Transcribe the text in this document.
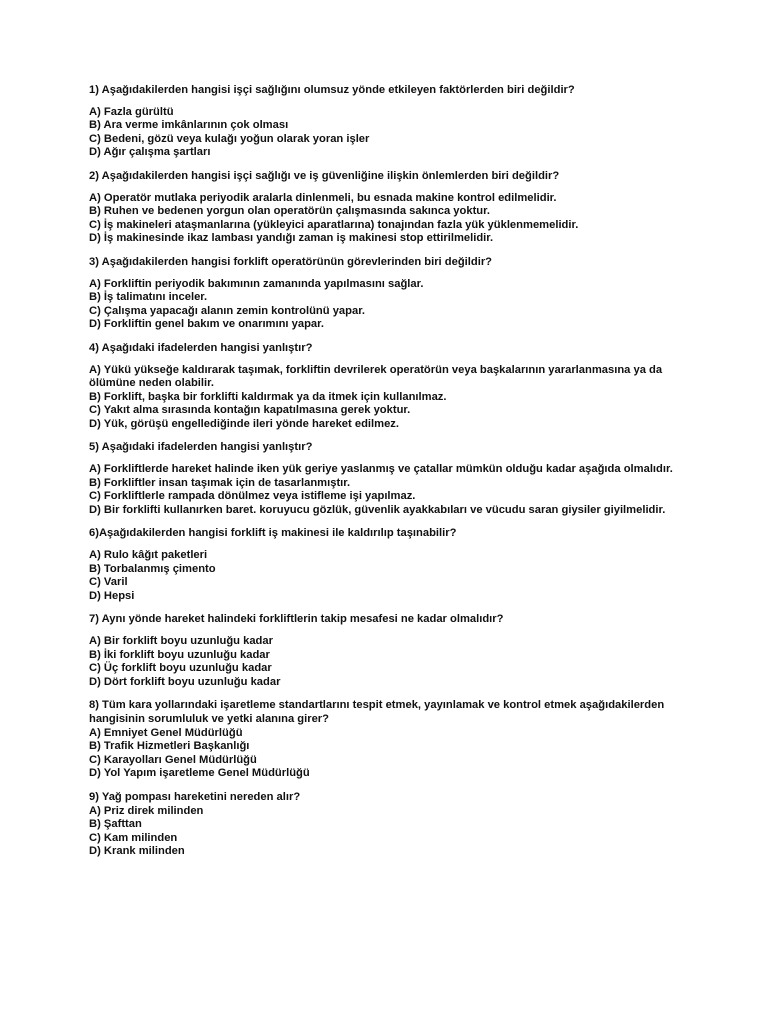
1) Aşağıdakilerden hangisi işçi sağlığını olumsuz yönde etkileyen faktörlerden biri değildir?

A) Fazla gürültü
B) Ara verme imkânlarının çok olması
C) Bedeni, gözü veya kulağı yoğun olarak yoran işler
D) Ağır çalışma şartları

2) Aşağıdakilerden hangisi işçi sağlığı ve iş güvenliğine ilişkin önlemlerden biri değildir?

A) Operatör mutlaka periyodik aralarla dinlenmeli, bu esnada makine kontrol edilmelidir.
B) Ruhen ve bedenen yorgun olan operatörün çalışmasında sakınca yoktur.
C) İş makineleri ataşmanlarına (yükleyici aparatlarına) tonajından fazla yük yüklenmemelidir.
D) İş makinesinde ikaz lambası yandığı zaman iş makinesi stop ettirilmelidir.

3) Aşağıdakilerden hangisi forklift operatörünün görevlerinden biri değildir?

A) Forkliftin periyodik bakımının zamanında yapılmasını sağlar.
B) İş talimatını inceler.
C) Çalışma yapacağı alanın zemin kontrolünü yapar.
D) Forkliftin genel bakım ve onarımını yapar.

4) Aşağıdaki ifadelerden hangisi yanlıştır?

A) Yükü yükseğe kaldırarak taşımak, forkliftin devrilerek operatörün veya başkalarının yararlanmasına ya da ölümüne neden olabilir.
B) Forklift, başka bir forklifti kaldırmak ya da itmek için kullanılmaz.
C) Yakıt alma sırasında kontağın kapatılmasına gerek yoktur.
D) Yük, görüşü engellediğinde ileri yönde hareket edilmez.

5) Aşağıdaki ifadelerden hangisi yanlıştır?

A) Forkliftlerde hareket halinde iken yük geriye yaslanmış ve çatallar mümkün olduğu kadar aşağıda olmalıdır.
B) Forkliftler insan taşımak için de tasarlanmıştır.
C) Forkliftlerle rampada dönülmez veya istifleme işi yapılmaz.
D) Bir forklifti kullanırken baret. koruyucu gözlük, güvenlik ayakkabıları ve vücudu saran giysiler giyilmelidir.

6)Aşağıdakilerden hangisi forklift iş makinesi ile kaldırılıp taşınabilir?

A) Rulo kâğıt paketleri
B) Torbalanmış çimento
C) Varil
D) Hepsi

7) Aynı yönde hareket halindeki forkliftlerin takip mesafesi ne kadar olmalıdır?

A) Bir forklift boyu uzunluğu kadar
B) İki forklift boyu uzunluğu kadar
C) Üç forklift boyu uzunluğu kadar
D) Dört forklift boyu uzunluğu kadar

8) Tüm kara yollarındaki işaretleme standartlarını tespit etmek, yayınlamak ve kontrol etmek aşağıdakilerden hangisinin sorumluluk ve yetki alanına girer?

A) Emniyet Genel Müdürlüğü
B) Trafik Hizmetleri Başkanlığı
C) Karayolları Genel Müdürlüğü
D) Yol Yapım işaretleme Genel Müdürlüğü

9) Yağ pompası hareketini nereden alır?

A) Priz direk milinden
B) Şafttan
C) Kam milinden
D) Krank milinden
